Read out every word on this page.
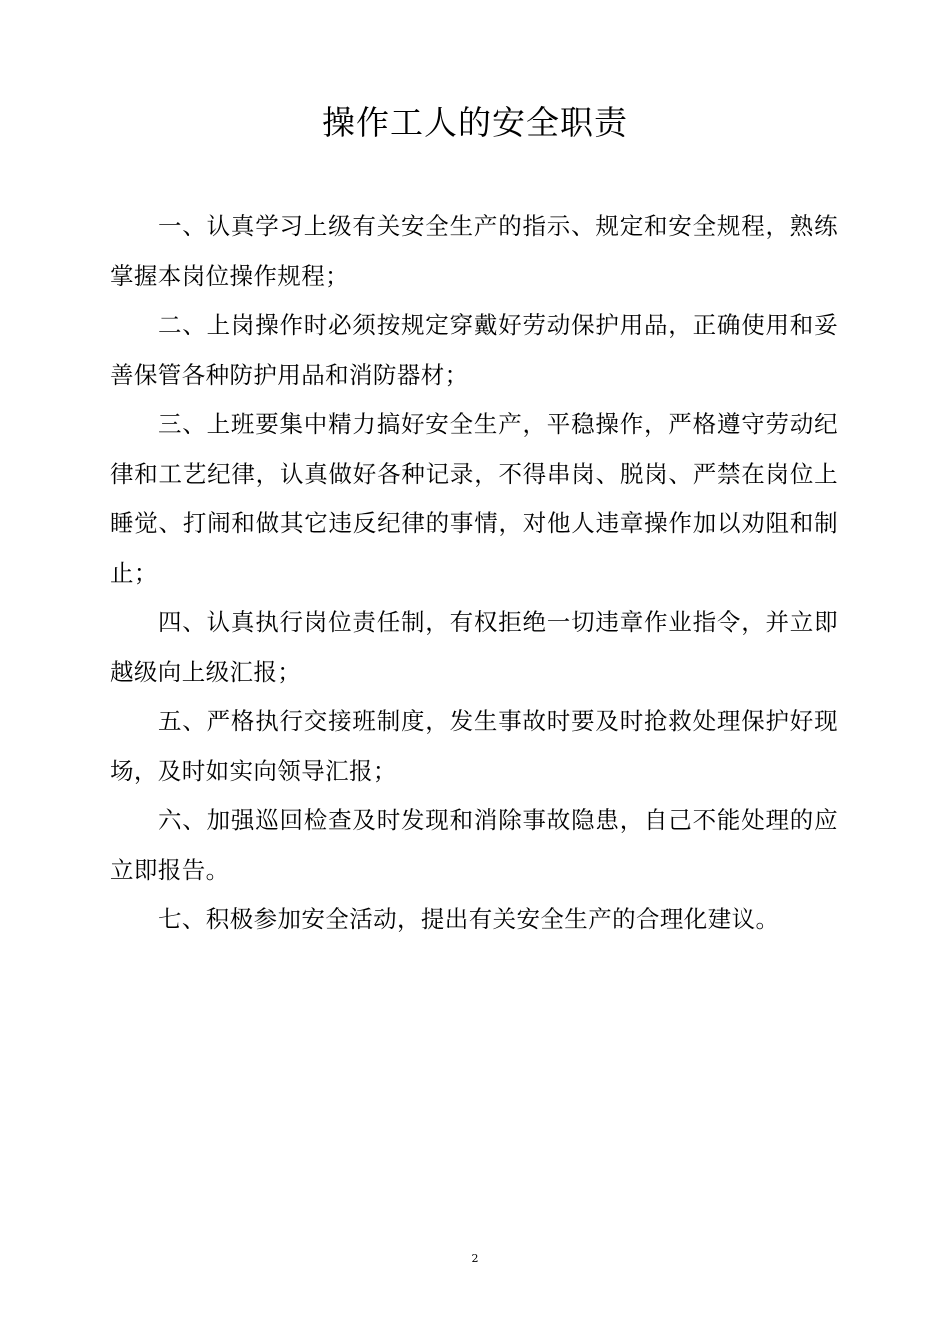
操作工人的安全职责

一、认真学习上级有关安全生产的指示、规定和安全规程，熟练掌握本岗位操作规程；

二、上岗操作时必须按规定穿戴好劳动保护用品，正确使用和妥善保管各种防护用品和消防器材；

三、上班要集中精力搞好安全生产，平稳操作，严格遵守劳动纪律和工艺纪律，认真做好各种记录，不得串岗、脱岗、严禁在岗位上睡觉、打闹和做其它违反纪律的事情，对他人违章操作加以劝阻和制止；

四、认真执行岗位责任制，有权拒绝一切违章作业指令，并立即越级向上级汇报；

五、严格执行交接班制度，发生事故时要及时抢救处理保护好现场，及时如实向领导汇报；

六、加强巡回检查及时发现和消除事故隐患，自己不能处理的应立即报告。

七、积极参加安全活动，提出有关安全生产的合理化建议。

2
